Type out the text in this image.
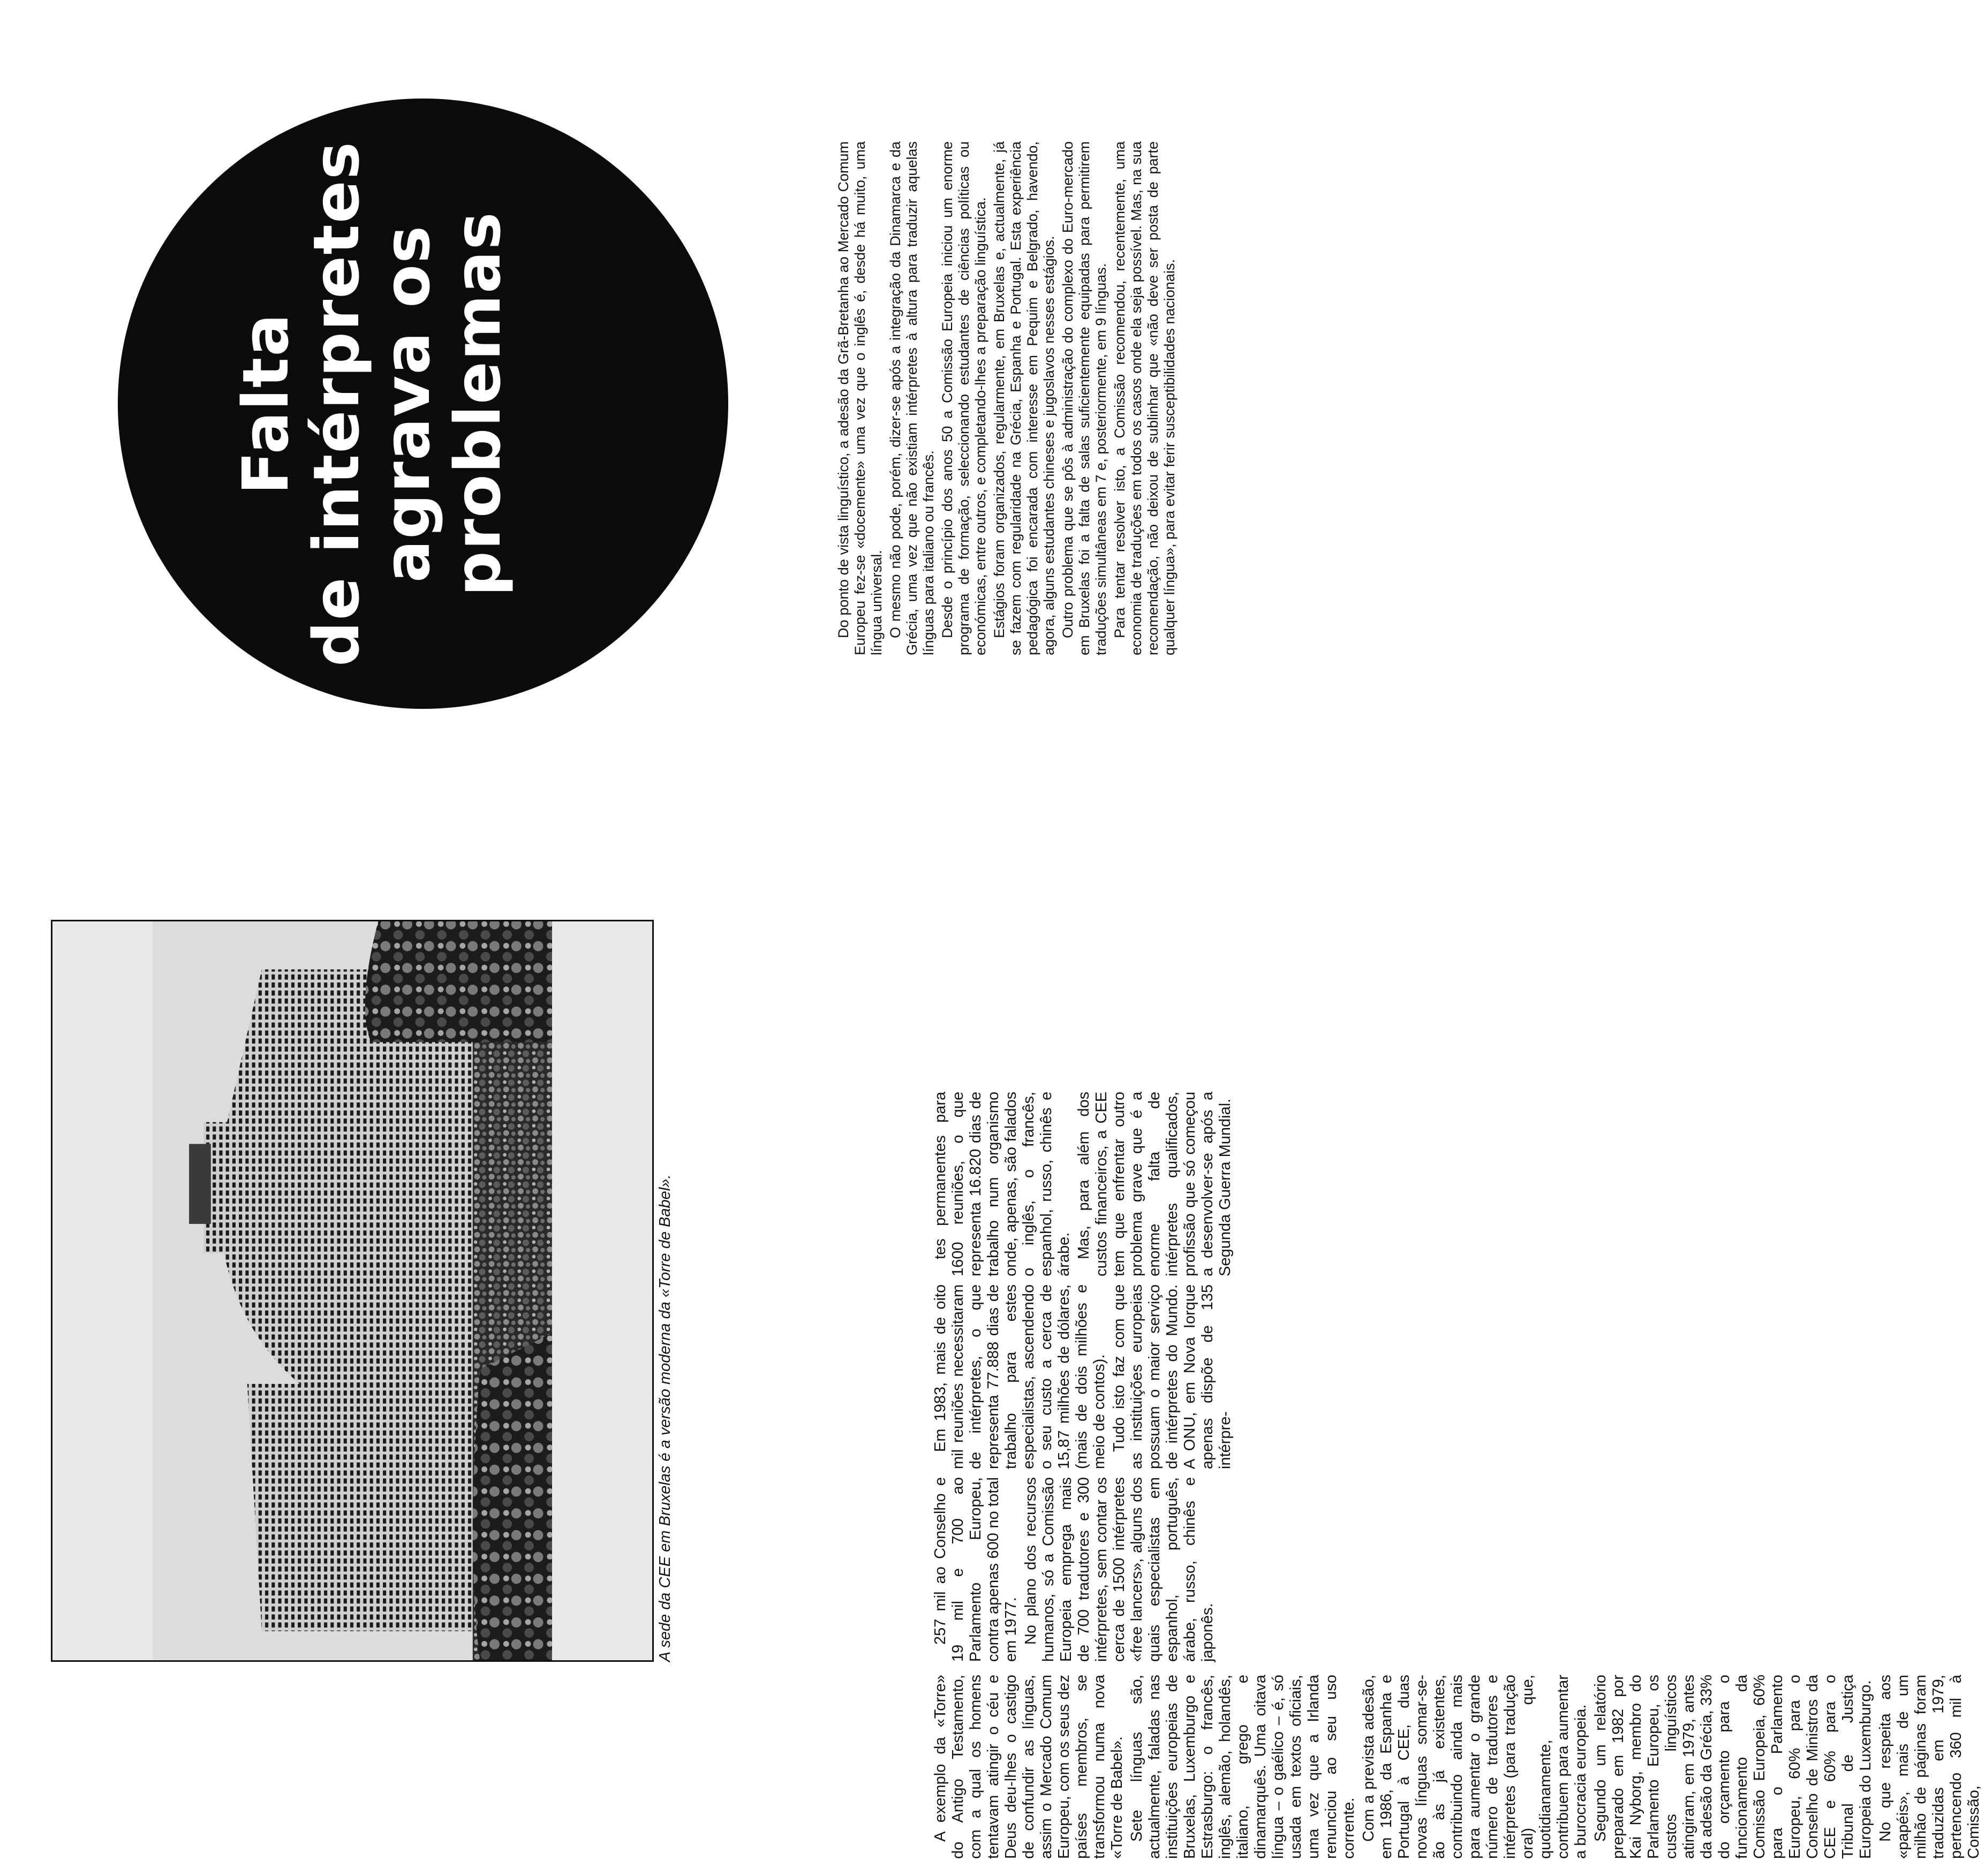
A exemplo da «Torre» do Antigo Testamento, com a qual os homens tentavam atingir o céu e Deus deu-lhes o castigo de confundir as línguas, assim o Mercado Comum Europeu, com os seus dez países membros, se transformou numa nova «Torre de Babel». Sete línguas são, actualmente, faladas nas instituições europeias de Bruxelas, Luxemburgo e Estrasburgo: o francês, inglês, alemão, holandês, italiano, grego e dinamarquês. Uma oitava língua – o gaélico – é, só usada em textos oficiais, uma vez que a Irlanda renunciou ao seu uso corrente. Com a prevista adesão, em 1986, da Espanha e Portugal à CEE, duas novas línguas somar-se-ão às já existentes, contribuindo ainda mais para aumentar o grande número de tradutores e intérpretes (para tradução oral) que, quotidianamente, contribuem para aumentar a burocracia europeia. Segundo um relatório preparado em 1982 por Kai Nyborg, membro do Parlamento Europeu, os custos linguísticos atingiram, em 1979, antes da adesão da Grécia, 33% do orçamento para o funcionamento da Comissão Europeia, 60% para o Parlamento Europeu, 60% para o Conselho de Ministros da CEE e 60% para o Tribunal de Justiça Europeia do Luxemburgo. No que respeita aos «papéis», mais de um milhão de páginas foram traduzidas em 1979, pertencendo 360 mil à Comissão,

A sede da CEE em Bruxelas é a versão moderna da «Torre de Babel».	257 mil ao Conselho e 19 mil e 700 ao Parlamento Europeu, contra apenas 600 no total em 1977. No plano dos recursos humanos, só a Comissão Europeia emprega mais de 700 tradutores e 300 intérpretes, sem contar os cerca de 1500 intérpretes «free lancers», alguns dos quais especialistas em espanhol, português, árabe, russo, chinês e japonês.

Em 1983, mais de oito mil reuniões necessitaram de intérpretes, o que representa 77.888 dias de trabalho para estes especialistas, ascendendo o seu custo a cerca de 15,87 milhões de dólares, (mais de dois milhões e meio de contos). Tudo isto faz com que as instituições europeias possuam o maior serviço de intérpretes do Mundo. A ONU, em Nova Iorque apenas dispõe de 135 intérpre-

tes permanentes para 1600 reuniões, o que representa 16.820 dias de trabalho num organismo onde, apenas, são falados o inglês, o francês, espanhol, russo, chinês e árabe. Mas, para além dos custos financeiros, a CEE tem que enfrentar outro problema grave que é a enorme falta de intérpretes qualificados, profissão que só começou a desenvolver-se após a Segunda Guerra Mundial.

Do ponto de vista linguístico, a adesão da Grã-Bretanha ao Mercado Comum Europeu fez-se «docemente» uma vez que o inglês é, desde há muito, uma língua universal. O mesmo não pode, porém, dizer-se após a integração da Dinamarca e da Grécia, uma vez que não existiam intérpretes à altura para traduzir aquelas línguas para italiano ou francês. Desde o princípio dos anos 50 a Comissão Europeia iniciou um enorme programa de formação, seleccionando estudantes de ciências políticas ou económicas, entre outros, e completando-lhes a preparação linguística. Estágios foram organizados, regularmente, em Bruxelas e, actualmente, já se fazem com regularidade na Grécia, Espanha e Portugal. Esta experiência pedagógica foi encarada com interesse em Pequim e Belgrado, havendo, agora, alguns estudantes chineses e jugoslavos nesses estágios. Outro problema que se pôs à administração do complexo do Euro-mercado em Bruxelas foi a falta de salas suficientemente equipadas para permitirem traduções simultâneas em 7 e, posteriormente, em 9 línguas. Para tentar resolver isto, a Comissão recomendou, recentemente, uma economia de traduções em todos os casos onde ela seja possível. Mas, na sua recomendação, não deixou de sublinhar que «não deve ser posta de parte qualquer língua», para evitar ferir susceptibilidades nacionais.

Falta
de intérpretes
agrava os
problemas
